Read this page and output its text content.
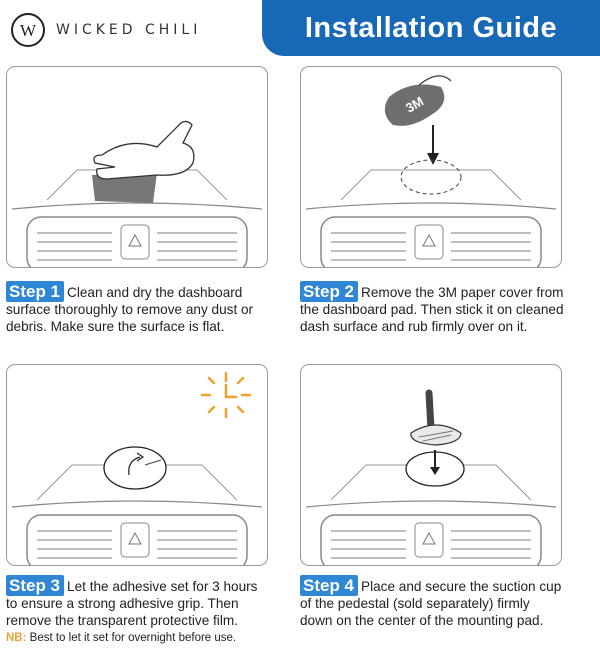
W WICKED CHILI	Installation Guide
3M
Step 1 Clean and dry the dashboard surface thoroughly to remove any dust or debris. Make sure the surface is flat.
Step 2 Remove the 3M paper cover from the dashboard pad. Then stick it on cleaned dash surface and rub firmly over on it.
Step 3 Let the adhesive set for 3 hours to ensure a strong adhesive grip. Then remove the transparent protective film.
NB: Best to let it set for overnight before use.
Step 4 Place and secure the suction cup of the pedestal (sold separately) firmly down on the center of the mounting pad.
